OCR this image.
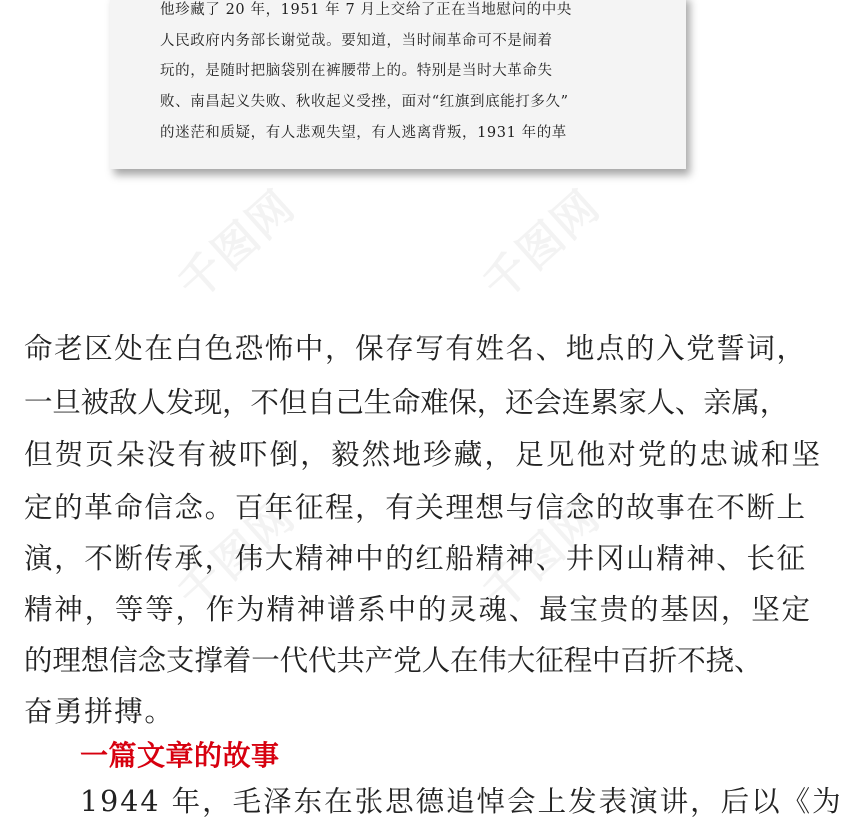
他珍藏了 20 年，1951 年 7 月上交给了正在当地慰问的中央
人民政府内务部长谢觉哉。要知道，当时闹革命可不是闹着
玩的，是随时把脑袋别在裤腰带上的。特别是当时大革命失
败、南昌起义失败、秋收起义受挫，面对“红旗到底能打多久”
的迷茫和质疑，有人悲观失望，有人逃离背叛，1931 年的革
千图网	千图网
千图网	千图网
命老区处在白色恐怖中，保存写有姓名、地点的入党誓词，
一旦被敌人发现，不但自己生命难保，还会连累家人、亲属，
但贺页朵没有被吓倒，毅然地珍藏，足见他对党的忠诚和坚
定的革命信念。百年征程，有关理想与信念的故事在不断上
演，不断传承，伟大精神中的红船精神、井冈山精神、长征
精神，等等，作为精神谱系中的灵魂、最宝贵的基因，坚定
的理想信念支撑着一代代共产党人在伟大征程中百折不挠、
奋勇拼搏。
一篇文章的故事
1944 年，毛泽东在张思德追悼会上发表演讲，后以《为
